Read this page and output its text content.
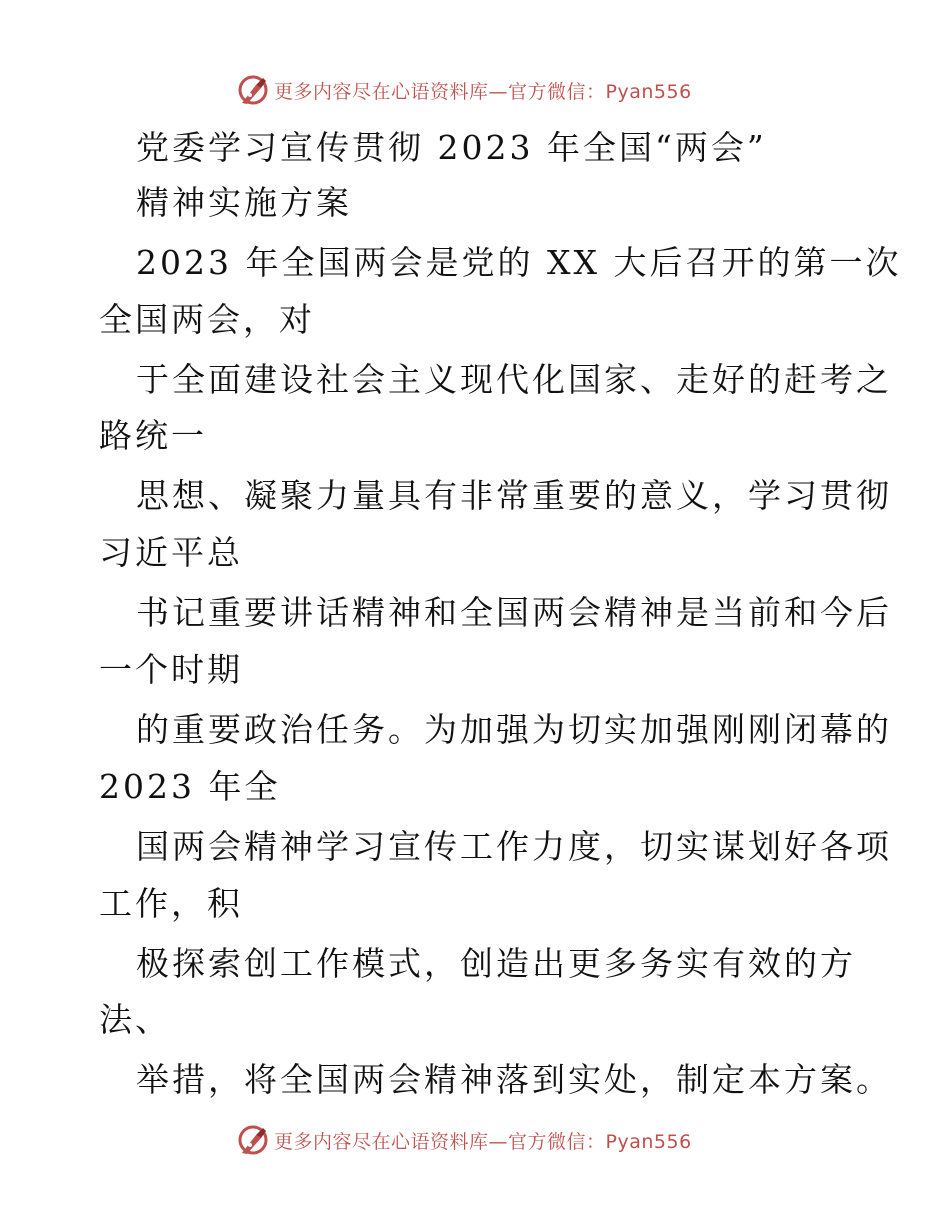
更多内容尽在心语资料库—官方微信：Pyan556
党委学习宣传贯彻 2023 年全国“两会”
精神实施方案
2023 年全国两会是党的 XX 大后召开的第一次
全国两会，对
于全面建设社会主义现代化国家、走好的赶考之
路统一
思想、凝聚力量具有非常重要的意义，学习贯彻
习近平总
书记重要讲话精神和全国两会精神是当前和今后
一个时期
的重要政治任务。为加强为切实加强刚刚闭幕的
2023 年全
国两会精神学习宣传工作力度，切实谋划好各项
工作，积
极探索创工作模式，创造出更多务实有效的方
法、
举措，将全国两会精神落到实处，制定本方案。
更多内容尽在心语资料库—官方微信：Pyan556
